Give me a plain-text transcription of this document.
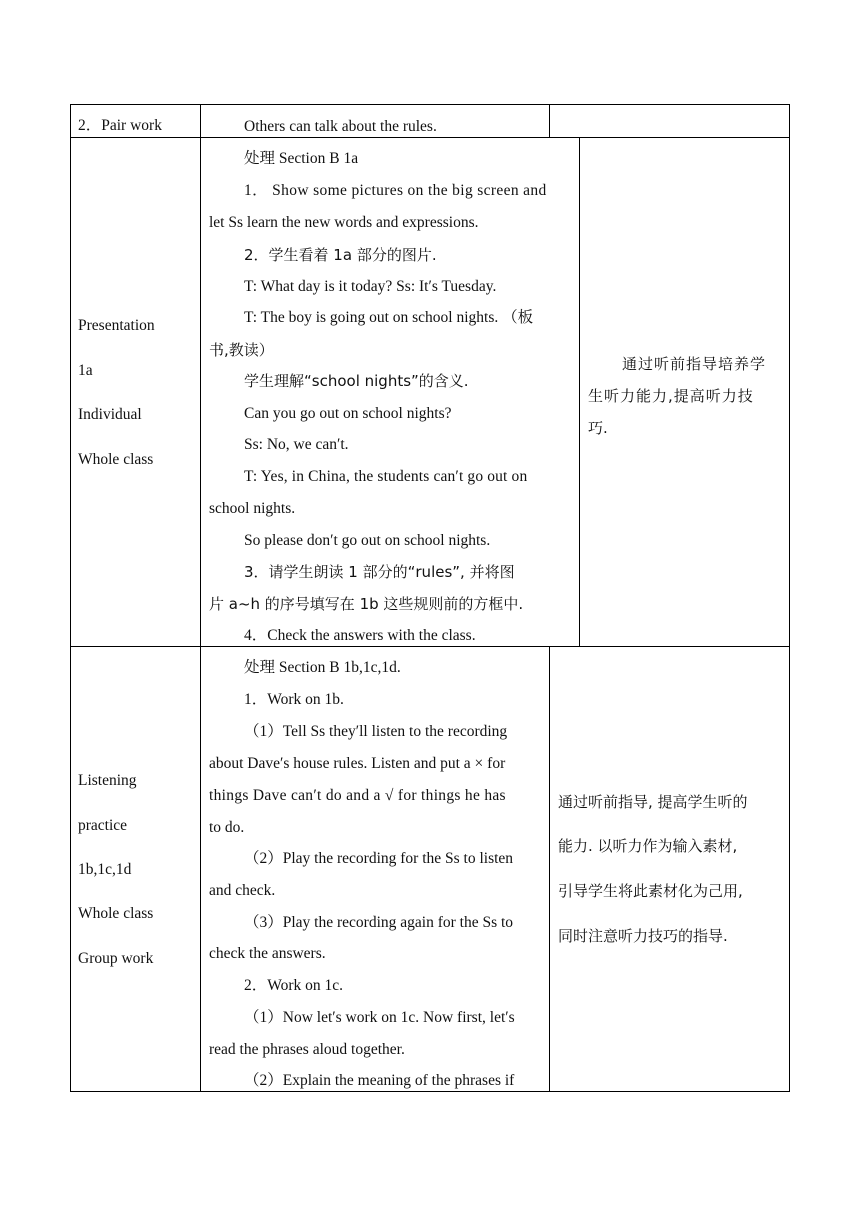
2．Pair work	Others can talk about the rules.
Presentation
1a
Individual
Whole class
处理 Section B 1a
1． Show some pictures on the big screen and
let Ss learn the new words and expressions.
2．学生看着 1a 部分的图片.
T: What day is it today? Ss: It′s Tuesday.
T: The boy is going out on school nights. （板
书,教读）
学生理解“school nights”的含义.
Can you go out on school nights?
Ss: No, we can′t.
T: Yes, in China, the students can′t go out on
school nights.
So please don′t go out on school nights.
3．请学生朗读 1 部分的“rules”, 并将图
片 a~h 的序号填写在 1b 这些规则前的方框中.
4．Check the answers with the class.
通过听前指导培养学
生听力能力,提高听力技
巧.
Listening
practice
1b,1c,1d
Whole class
Group work
处理 Section B 1b,1c,1d.
1．Work on 1b.
（1）Tell Ss they′ll listen to the recording
about Dave′s house rules. Listen and put a × for
things Dave can′t do and a √ for things he has
to do.
（2）Play the recording for the Ss to listen
and check.
（3）Play the recording again for the Ss to
check the answers.
2．Work on 1c.
（1）Now let′s work on 1c. Now first, let′s
read the phrases aloud together.
（2）Explain the meaning of the phrases if
通过听前指导, 提高学生听的
能力. 以听力作为输入素材,
引导学生将此素材化为己用,
同时注意听力技巧的指导.
